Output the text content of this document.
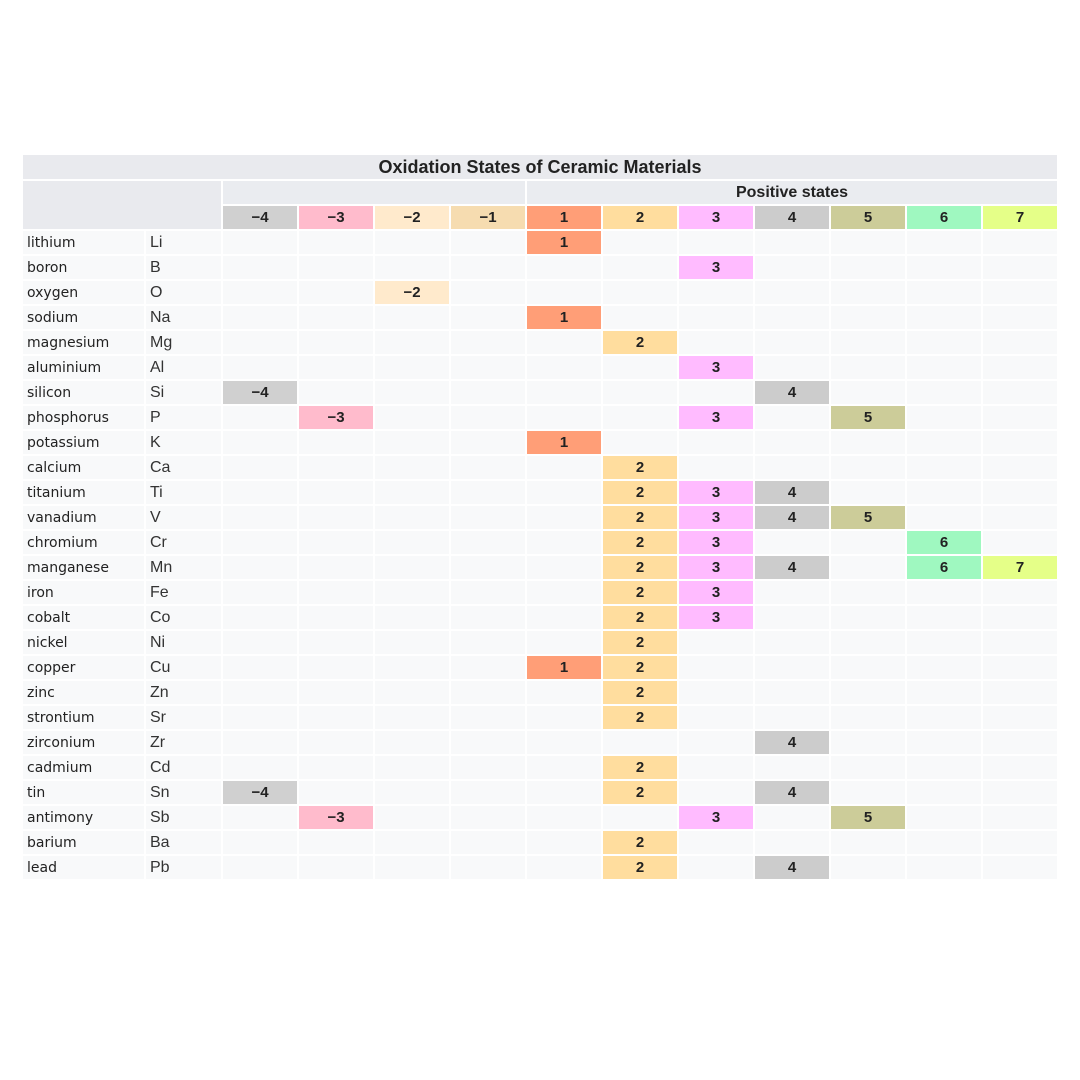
Oxidation States of Ceramic Materials												
						Positive states						
		−4	−3	−2	−1	1	2	3	4	5	6	7
lithium	Li					1						
boron	B							3				
oxygen	O			−2								
sodium	Na					1						
magnesium	Mg						2					
aluminium	Al							3				
silicon	Si	−4							4			
phosphorus	P		−3					3		5		
potassium	K					1						
calcium	Ca						2					
titanium	Ti						2	3	4			
vanadium	V						2	3	4	5		
chromium	Cr						2	3			6	
manganese	Mn						2	3	4		6	7
iron	Fe						2	3				
cobalt	Co						2	3				
nickel	Ni						2					
copper	Cu					1	2					
zinc	Zn						2					
strontium	Sr						2					
zirconium	Zr								4			
cadmium	Cd						2					
tin	Sn	−4					2		4			
antimony	Sb		−3					3		5		
barium	Ba						2					
lead	Pb						2		4			
